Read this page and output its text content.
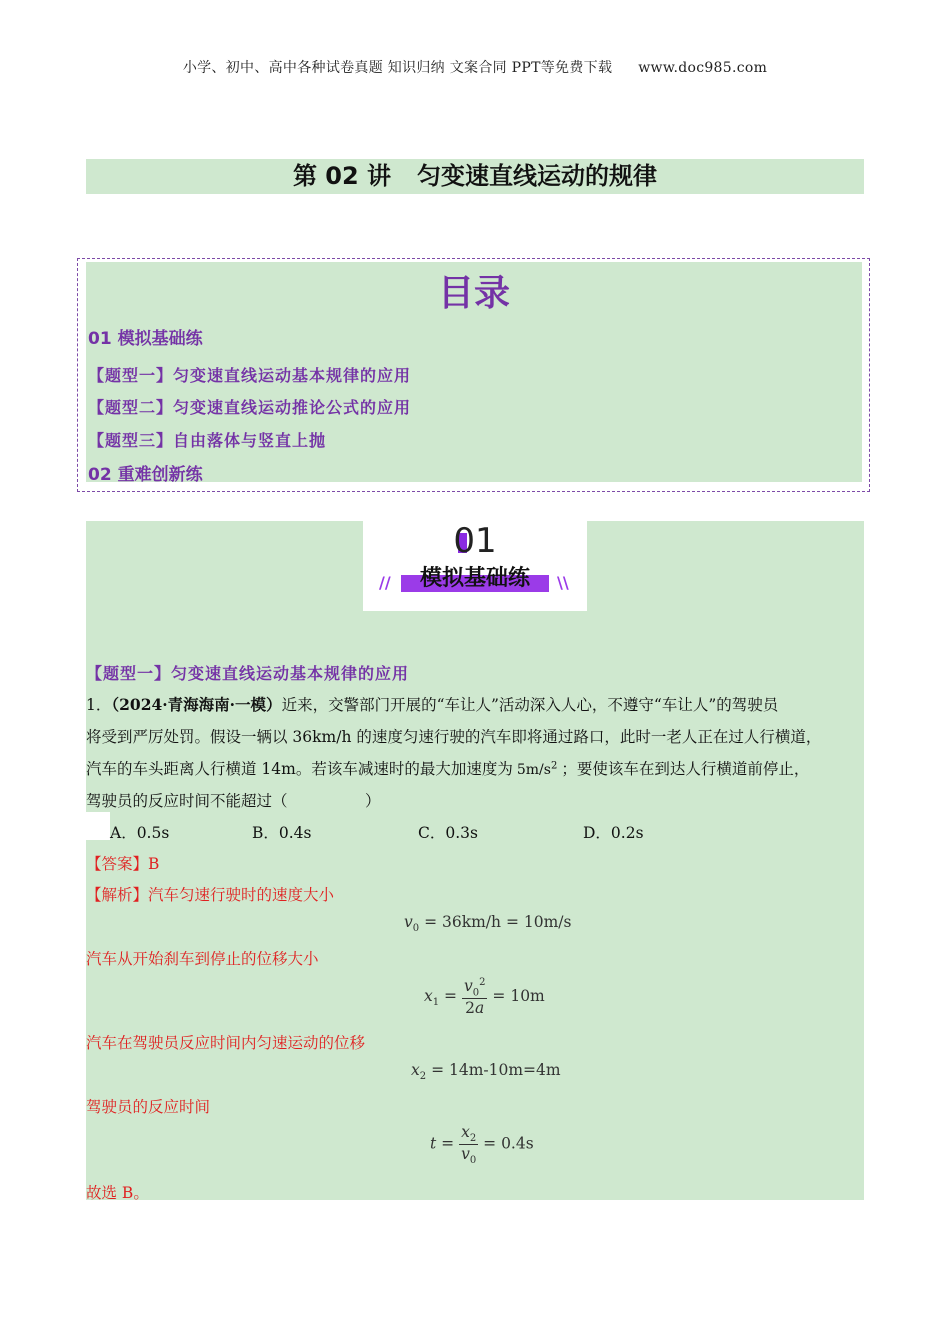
小学、初中、高中各种试卷真题 知识归纳 文案合同 PPT等免费下载 www.doc985.com
第 02 讲 匀变速直线运动的规律
目录
01 模拟基础练
【题型一】匀变速直线运动基本规律的应用
【题型二】匀变速直线运动推论公式的应用
【题型三】自由落体与竖直上抛
02 重难创新练
01
//	模拟基础练	\\
【题型一】匀变速直线运动基本规律的应用
1．（2024·青海海南·一模）近来，交警部门开展的“车让人”活动深入人心，不遵守“车让人”的驾驶员
将受到严厉处罚。假设一辆以 36km/h 的速度匀速行驶的汽车即将通过路口，此时一老人正在过人行横道，
汽车的车头距离人行横道 14m。若该车减速时的最大加速度为 $5m/s^2$ ；要使该车在到达人行横道前停止，
驾驶员的反应时间不能超过（　　　　　）
A．0.5s	B．0.4s	C．0.3s	D．0.2s
【答案】B
【解析】汽车匀速行驶时的速度大小
$v_0 = 36km/h = 10m/s$
汽车从开始刹车到停止的位移大小
$x_1 = \frac{v_0^2}{2a} = 10m$
汽车在驾驶员反应时间内匀速运动的位移
$x_2 = 14m-10m=4m$
驾驶员的反应时间
$t = \frac{x_2}{v_0} = 0.4s$
故选 B。
